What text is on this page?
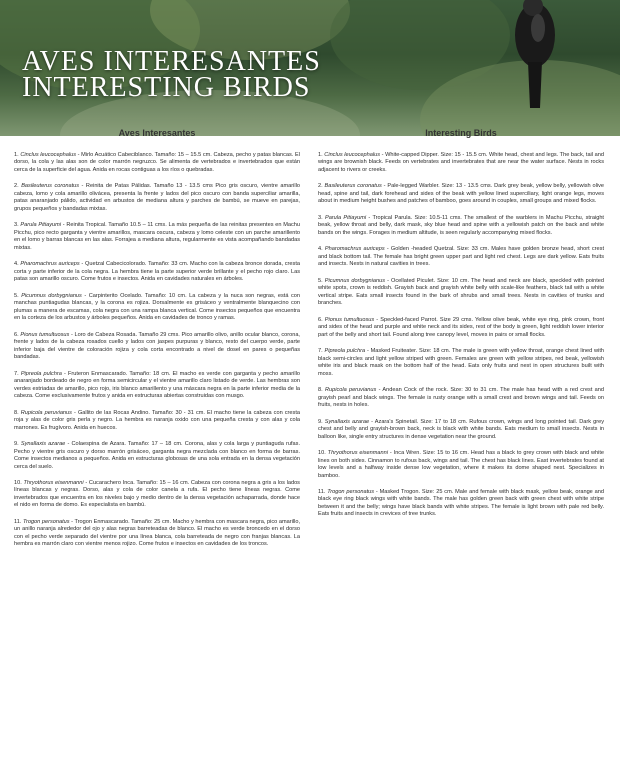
AVES INTERESANTES
INTERESTING BIRDS
Aves Interesantes

1. Cinclus leucocephalus - Mirlo Acuático Cabeciblanco. Tamaño: 15 – 15.5 cm. Cabeza, pecho y patas blancas. El dorso, la cola y las alas son de color marrón negruzco. Se alimenta de vertebrados e invertebrados que están cerca de la superficie del agua. Anida en rocas contiguas a los ríos o quebradas.

2. Basileuterus coronatus - Reinita de Patas Pálidas. Tamaño 13 - 13.5 cms Pico gris oscuro, vientre amarillo cabeza, lomo y cola amarillo olivácea, presenta la frente y lados del pico oscuro con banda superciliar amarilla, patas anaranjado pálido, actividad en arbustos de mediana altura y parches de bambú, se mueve en parejas, grupos pequeños y bandadas mixtas.

3. Parula Pitiayumi - Reinita Tropical. Tamaño 10.5 – 11 cms. La más pequeña de las reinitas presentes en Machu Picchu, pico recto garganta y vientre amarillos, mascara oscura, cabeza y lomo celeste con un parche amarillento en el lomo y barras blancas en las alas. Forrajea a mediana altura, regularmente es vista acompañando bandadas mixtas.

4. Pharomachrus auriceps - Quetzal Cabecicolorado. Tamaño: 33 cm. Macho con la cabeza bronce dorada, cresta corta y parte inferior de la cola negra. La hembra tiene la parte superior verde brillante y el pecho rojo claro. Las patas son amarillo oscuro. Come frutos e insectos. Anida en cavidades naturales en árboles.

5. Picumnus dorbygnianus - Carpinterito Ocelado. Tamaño: 10 cm. La cabeza y la nuca son negras, está con manchas puntiagudas blancas, y la corona es rojiza. Dorsalmente es grisáceo y ventralmente blanquecino con plumas a manera de escamas, cola negra con una rampa blanca vertical. Come insectos pequeños que encuentra en la corteza de los arbustos y árboles pequeños. Anida en cavidades de tronco y ramas.

6. Pionus tumultuosus - Loro de Cabeza Rosada. Tamaño 29 cms. Pico amarillo olivo, anillo ocular blanco, corona, frente y lados de la cabeza rosados cuello y lados con jaspes purpuras y blanco, resto del cuerpo verde, parte inferior baja del vientre de coloración rojiza y cola corta encontrado a nivel de dosel en pares o pequeñas bandadas.

7. Pipreola pulchra - Fruteron Enmascarado. Tamaño: 18 cm. El macho es verde con garganta y pecho amarillo anaranjado bordeado de negro en forma semicircular y el vientre amarillo claro listado de verde. Las hembras son verdes estriadas de amarillo, pico rojo, iris blanco amarillento y una máscara negra en la parte inferior media de la cabeza. Come exclusivamente frutos y anida en estructuras abiertas construidas con musgo.

8. Rupicola peruvianus - Gallito de las Rocas Andino. Tamaño: 30 - 31 cm. El macho tiene la cabeza con cresta roja y alas de color gris perla y negro. La hembra es naranja oxido con una pequeña cresta y con alas y cola marrones. Es frugívoro. Anida en huecos.

9. Synallaxis azarae - Colaespina de Azara. Tamaño: 17 – 18 cm. Corona, alas y cola larga y puntiaguda rufas. Pecho y vientre gris oscuro y dorso marrón grisáceo, garganta negra mezclada con blanco en forma de barras. Come insectos medianos a pequeños. Anida en estructuras globosas de una sola entrada en la densa vegetación cerca del suelo.

10. Thryothorus eisenmanni - Cucarachero Inca. Tamaño: 15 – 16 cm. Cabeza con corona negra a gris a los lados líneas blancas y negras. Dorso, alas y cola de color canela a rufa. El pecho tiene líneas negras. Come invertebrados que encuentra en los niveles bajo y medio dentro de la densa vegetación achaparrada, donde hace el nido en forma de domo. Es especialista en bambú.

11. Trogon personatus - Trogon Enmascarado. Tamaño: 25 cm. Macho y hembra con mascara negra, pico amarillo, un anillo naranja alrededor del ojo y alas negras barreteadas de blanco. El macho es verde broncedo en el dorso con el pecho verde separado del vientre por una línea blanca, cola barreteada de negro con franjas blancas. La hembra es marrón claro con vientre menos rojizo. Come frutos e insectos en cavidades de los troncos.

Interesting Birds

1. Cinclus leucocephalus - White-capped Dipper. Size: 15 - 15.5 cm. White head, chest and legs. The back, tail and wings are brownish black. Feeds on vertebrates and invertebrates that are near the water surface. Nests in rocks adjacent to rivers or creeks.

2. Basileuterus coronatus - Pale-legged Warbler. Size: 13 - 13.5 cms. Dark grey beak, yellow belly, yellowish olive head, spine and tail, dark forehead and sides of the beak with yellow lined superciliary, light orange legs, moves about in medium height bushes and patches of bamboo, goes around in couples, small groups and mixed flocks.

3. Parula Pitiayumi - Tropical Parula. Size: 10.5-11 cms. The smallest of the warblers in Machu Picchu, straight beak, yellow throat and belly, dark mask, sky blue head and spine with a yellowish patch on the back and white bands on the wings. Forages in medium altitude, is seen regularly accompanying mixed flocks.

4. Pharomachrus auriceps - Golden -headed Quetzal. Size: 33 cm. Males have golden bronze head, short crest and black bottom tail. The female has bright green upper part and light red chest. Legs are dark yellow. Eats fruits and insects. Nests in natural cavities in trees.

5. Picumnus dorbygnianus - Ocellated Piculet. Size: 10 cm. The head and neck are black, speckled with pointed white spots, crown is reddish. Grayish back and grayish white belly with scale-like feathers, black tail with a white vertical stripe. Eats small insects found in the bark of shrubs and small trees. Nests in cavities of trunks and branches.

6. Pionus tumultuosus - Speckled-faced Parrot. Size 29 cms. Yellow olive beak, white eye ring, pink crown, front and sides of the head and purple and white neck and its sides, rest of the body is green, light reddish lower interior part of the belly and short tail. Found along tree canopy level, moves in pairs or small flocks.

7. Pipreola pulchra - Masked Fruiteater. Size: 18 cm. The male is green with yellow throat, orange chest lined with black semi-circles and light yellow striped with green. Females are green with yellow stripes, red beak, yellowish white iris and black mask on the bottom half of the head. Eats only fruits and nest in open structures built with moss.

8. Rupicola peruvianus - Andean Cock of the rock. Size: 30 to 31 cm. The male has head with a red crest and grayish pearl and black wings. The female is rusty orange with a small crest and brown wings and tail. Feeds on fruits, nests in holes.

9. Synallaxis azarae - Azara's Spinetail. Size: 17 to 18 cm. Rufous crown, wings and long pointed tail. Dark grey chest and belly and grayish-brown back, neck is black with white bands. Eats medium to small insects. Nests in balloon like, single entry structures in dense vegetation near the ground.

10. Thryothorus eisenmanni - Inca Wren. Size: 15 to 16 cm. Head has a black to grey crown with black and white lines on both sides. Cinnamon to rufous back, wings and tail. The chest has black lines. East invertebrates found at low levels and a halfway inside dense low vegetation, where it makes its dome shaped nest. Specializes in bamboo.

11. Trogon personatus - Masked Trogon. Size: 25 cm. Male and female with black mask, yellow beak, orange and black eye ring black wings with white bands. The male has golden green back with green chest with white stripe between it and the belly; wings have black bands with white stripes. The female is light brown with pale red belly. Eats fruits and insects in crevices of tree trunks.
